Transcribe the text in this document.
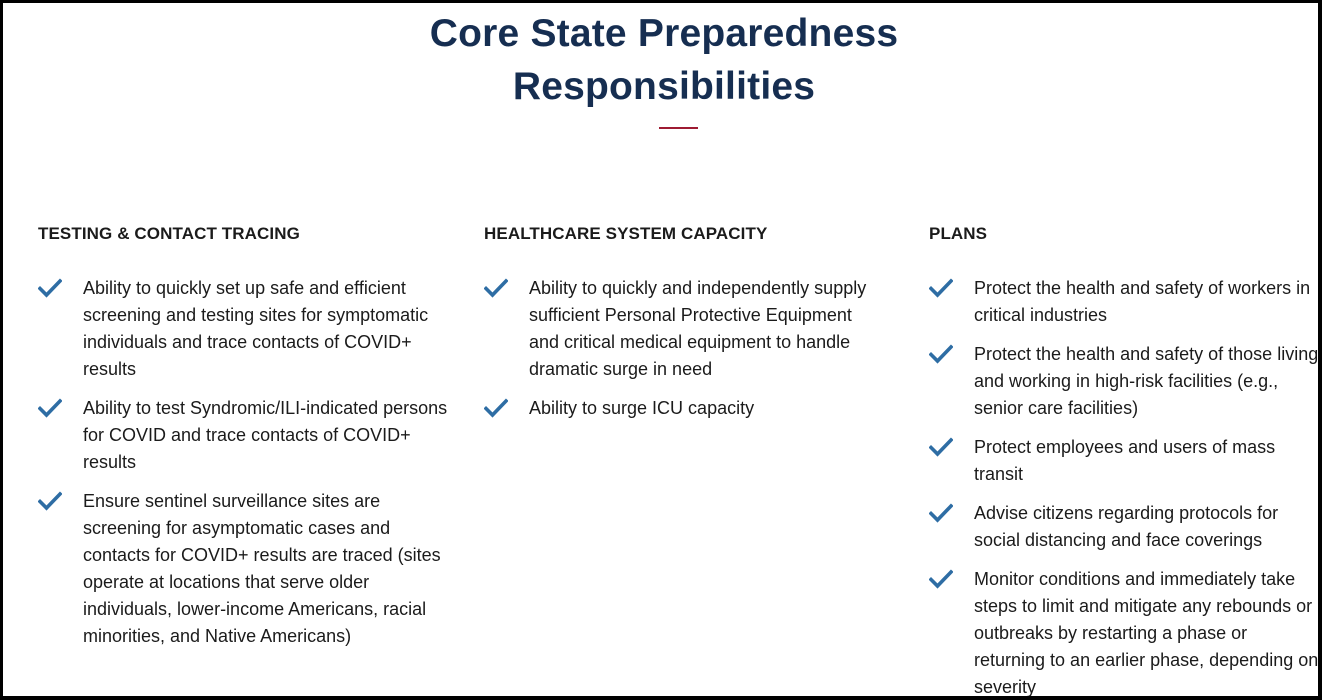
Core State Preparedness
Responsibilities
TESTING & CONTACT TRACING
Ability to quickly set up safe and efficient screening and testing sites for symptomatic individuals and trace contacts of COVID+ results
Ability to test Syndromic/ILI-indicated persons for COVID and trace contacts of COVID+ results
Ensure sentinel surveillance sites are screening for asymptomatic cases and contacts for COVID+ results are traced (sites operate at locations that serve older individuals, lower-income Americans, racial minorities, and Native Americans)
HEALTHCARE SYSTEM CAPACITY
Ability to quickly and independently supply sufficient Personal Protective Equipment and critical medical equipment to handle dramatic surge in need
Ability to surge ICU capacity
PLANS
Protect the health and safety of workers in critical industries
Protect the health and safety of those living and working in high-risk facilities (e.g., senior care facilities)
Protect employees and users of mass transit
Advise citizens regarding protocols for social distancing and face coverings
Monitor conditions and immediately take steps to limit and mitigate any rebounds or outbreaks by restarting a phase or returning to an earlier phase, depending on severity
